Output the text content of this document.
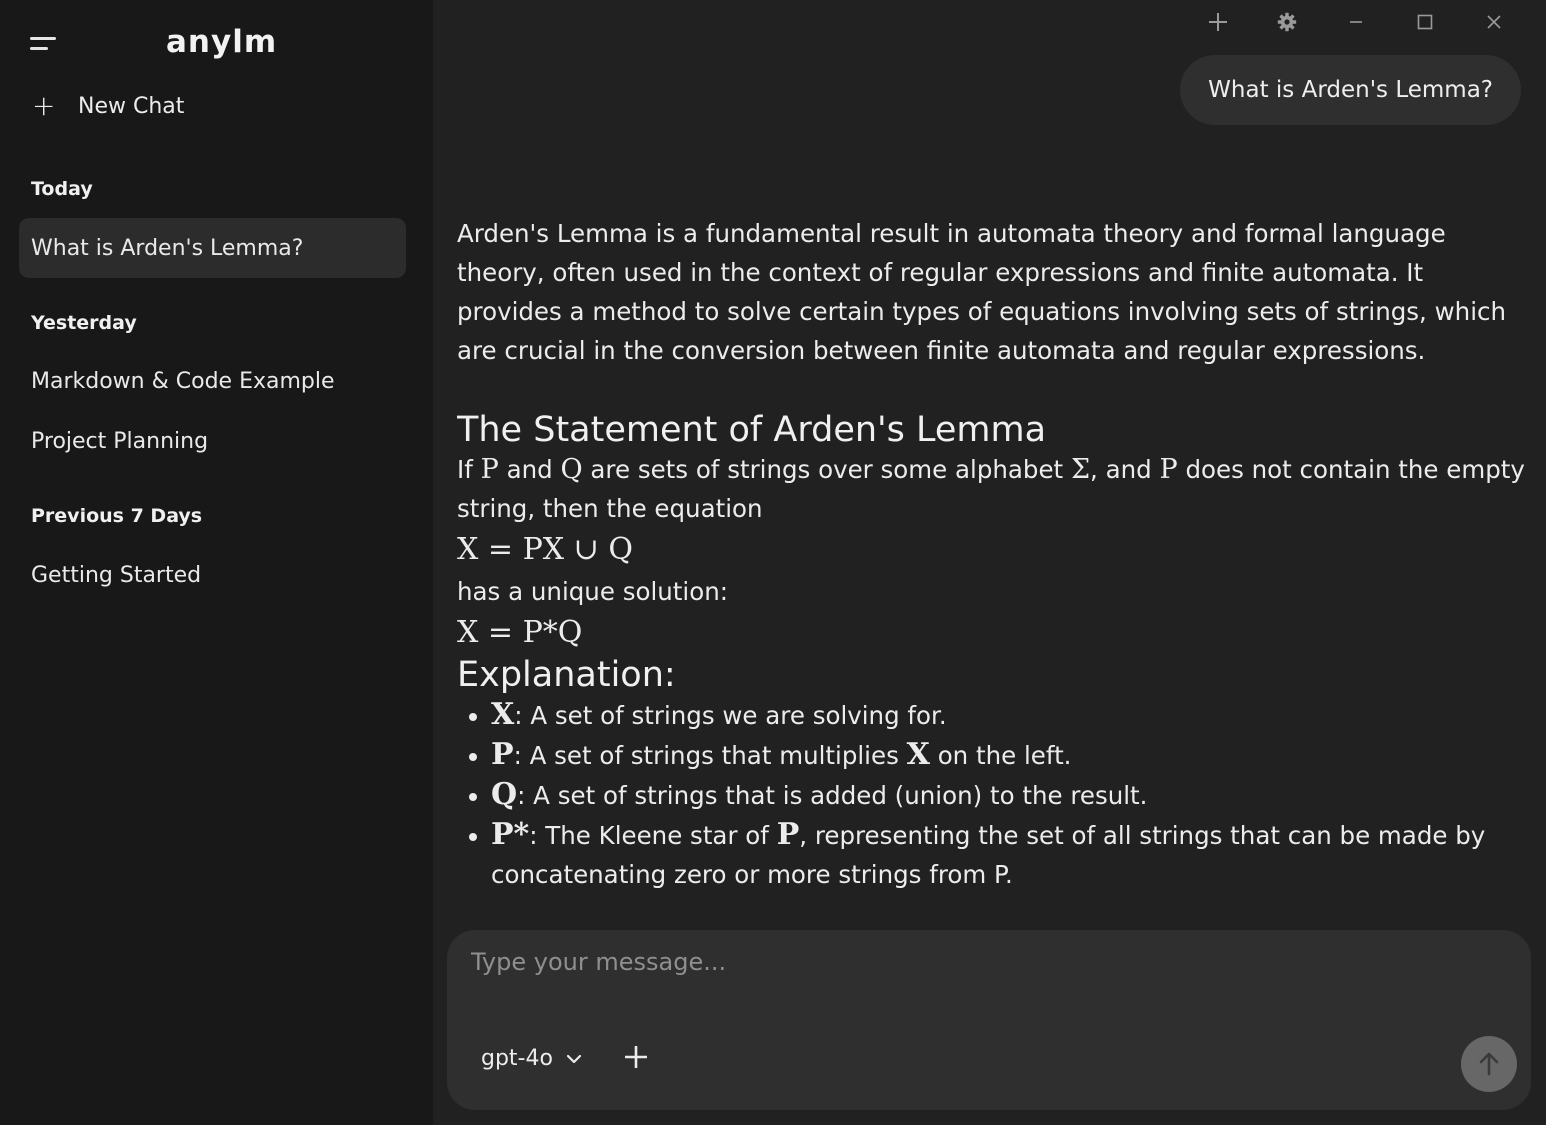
anylm
+ New Chat
Today
What is Arden's Lemma?
Yesterday
Markdown & Code Example
Project Planning
Previous 7 Days
Getting Started
What is Arden's Lemma?

Arden's Lemma is a fundamental result in automata theory and formal language theory, often used in the context of regular expressions and finite automata. It provides a method to solve certain types of equations involving sets of strings, which are crucial in the conversion between finite automata and regular expressions.

The Statement of Arden's Lemma

If P and Q are sets of strings over some alphabet Σ, and P does not contain the empty string, then the equation

X = PX ∪ Q

has a unique solution:

X = P*Q

Explanation:
• X: A set of strings we are solving for.
• P: A set of strings that multiplies X on the left.
• Q: A set of strings that is added (union) to the result.
• P*: The Kleene star of P, representing the set of all strings that can be made by concatenating zero or more strings from P.
Type your message...
gpt-4o
